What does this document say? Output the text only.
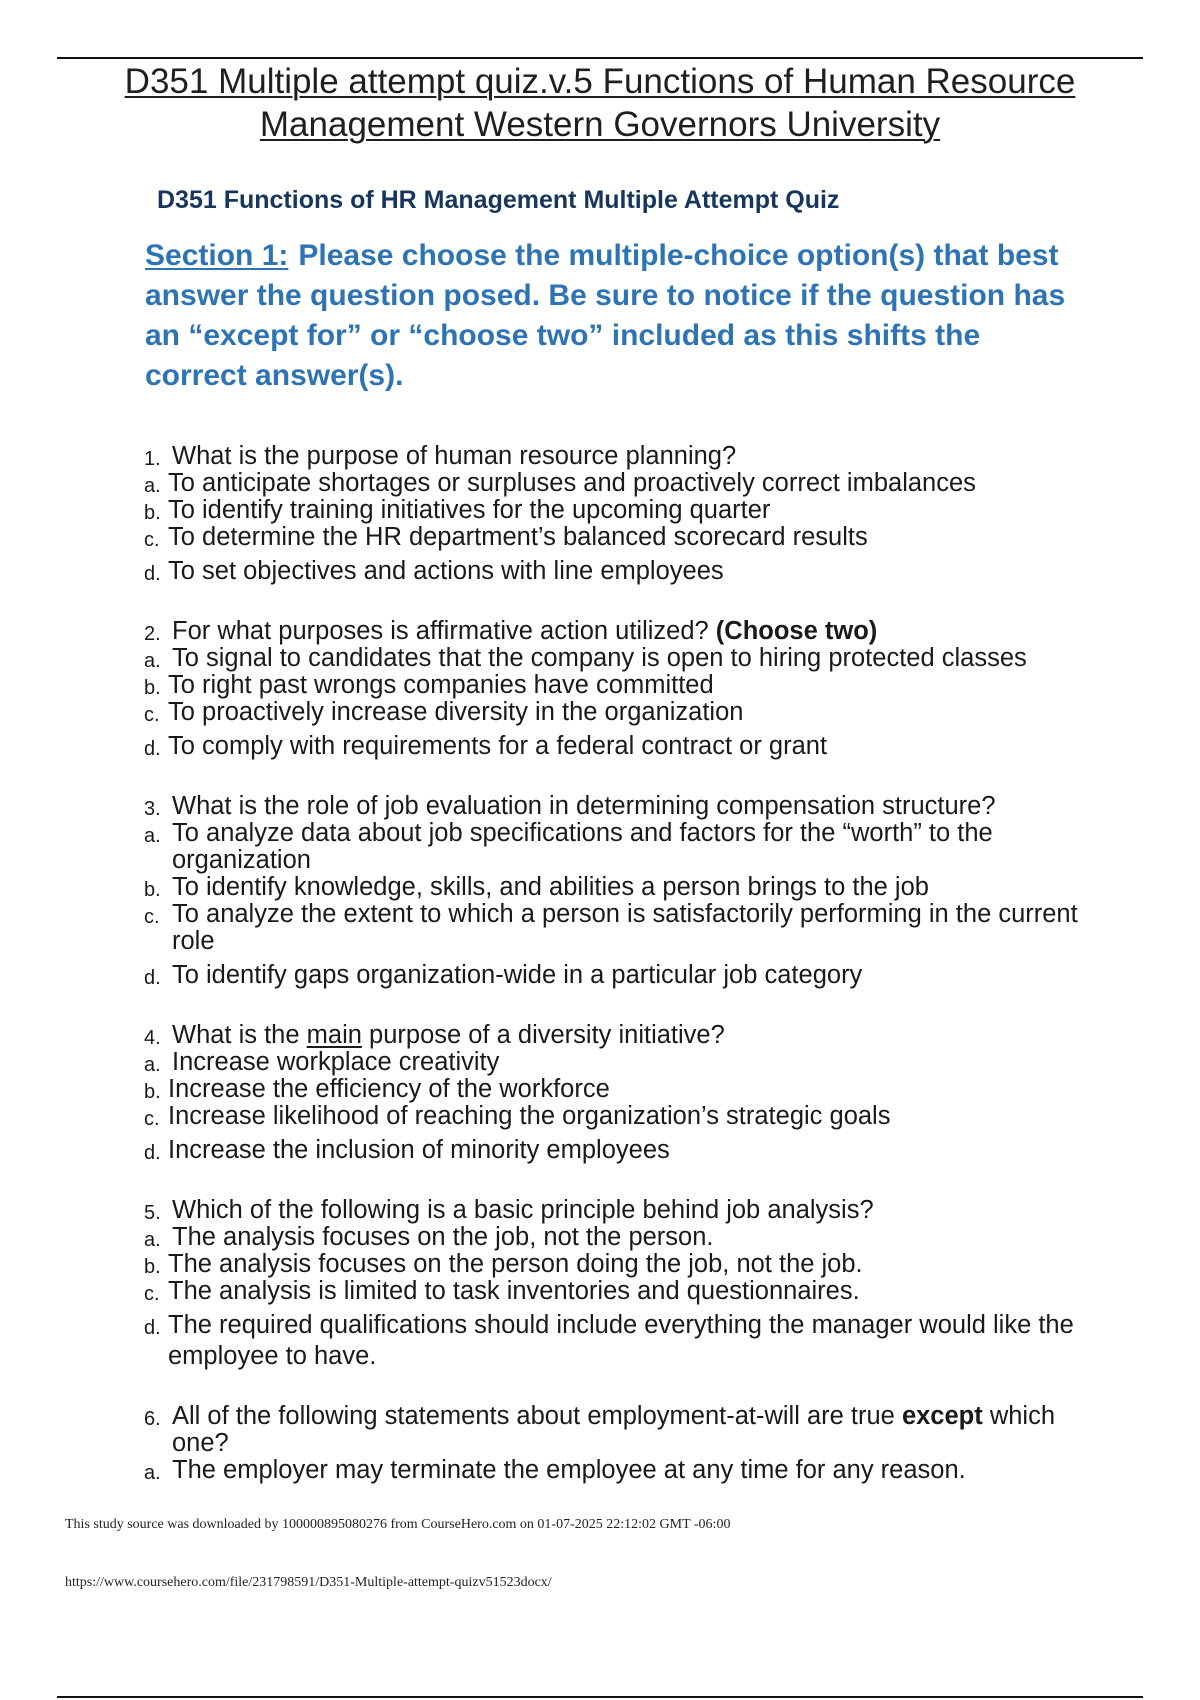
D351 Multiple attempt quiz.v.5 Functions of Human Resource Management Western Governors University
D351 Functions of HR Management Multiple Attempt Quiz

Section 1: Please choose the multiple-choice option(s) that best answer the question posed. Be sure to notice if the question has an “except for” or “choose two” included as this shifts the correct answer(s).

1. What is the purpose of human resource planning?
a. To anticipate shortages or surpluses and proactively correct imbalances
b. To identify training initiatives for the upcoming quarter
c. To determine the HR department’s balanced scorecard results
d. To set objectives and actions with line employees
2. For what purposes is affirmative action utilized? (Choose two)
a. To signal to candidates that the company is open to hiring protected classes
b. To right past wrongs companies have committed
c. To proactively increase diversity in the organization
d. To comply with requirements for a federal contract or grant
3. What is the role of job evaluation in determining compensation structure?
a. To analyze data about job specifications and factors for the “worth” to the organization
b. To identify knowledge, skills, and abilities a person brings to the job
c. To analyze the extent to which a person is satisfactorily performing in the current role
d. To identify gaps organization-wide in a particular job category
4. What is the main purpose of a diversity initiative?
a. Increase workplace creativity
b. Increase the efficiency of the workforce
c. Increase likelihood of reaching the organization’s strategic goals
d. Increase the inclusion of minority employees
5. Which of the following is a basic principle behind job analysis?
a. The analysis focuses on the job, not the person.
b. The analysis focuses on the person doing the job, not the job.
c. The analysis is limited to task inventories and questionnaires.
d. The required qualifications should include everything the manager would like the employee to have.
6. All of the following statements about employment-at-will are true except which one?
a. The employer may terminate the employee at any time for any reason.
This study source was downloaded by 100000895080276 from CourseHero.com on 01-07-2025 22:12:02 GMT -06:00
https://www.coursehero.com/file/231798591/D351-Multiple-attempt-quizv51523docx/
